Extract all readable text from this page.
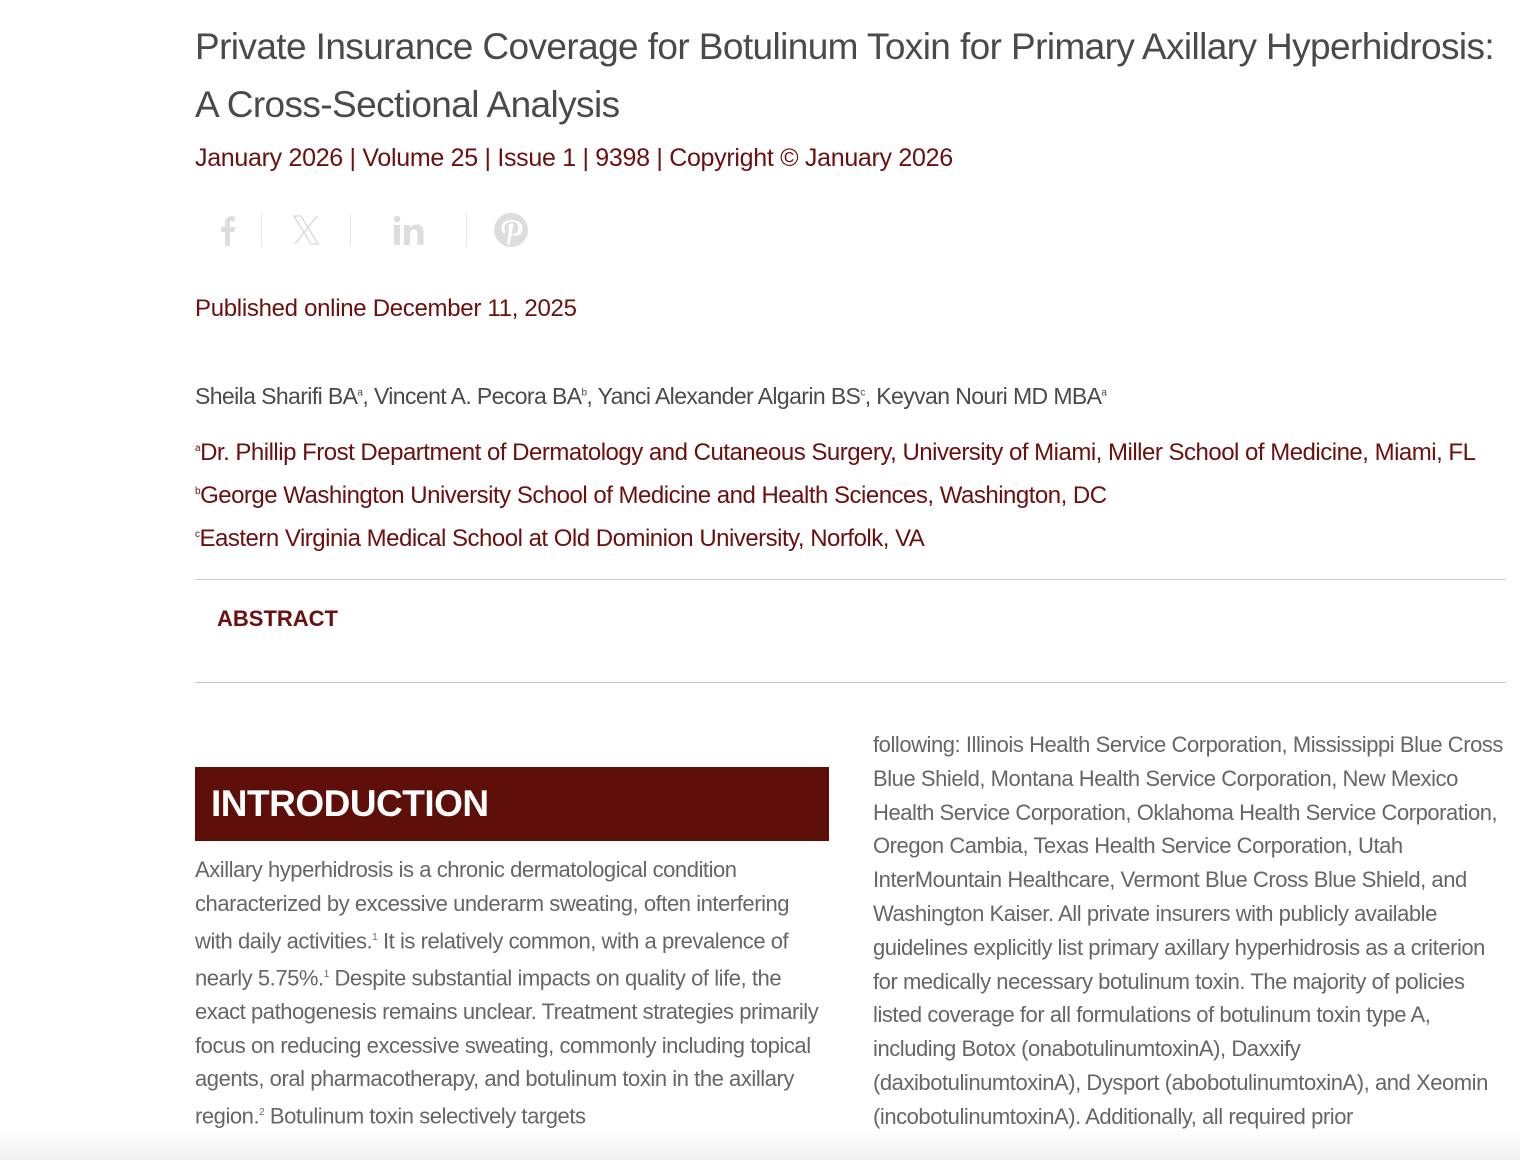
Private Insurance Coverage for Botulinum Toxin for Primary Axillary Hyperhidrosis: A Cross-Sectional Analysis
January 2026 | Volume 25 | Issue 1 | 9398 | Copyright © January 2026
Published online December 11, 2025
Sheila Sharifi $BA^a$, Vincent A. Pecora $BA^b$, Yanci Alexander Algarin $BS^c$, Keyvan Nouri MD MBA$^a$
$^a$Dr. Phillip Frost Department of Dermatology and Cutaneous Surgery, University of Miami, Miller School of Medicine, Miami, FL
$^b$George Washington University School of Medicine and Health Sciences, Washington, DC
$^c$Eastern Virginia Medical School at Old Dominion University, Norfolk, VA
ABSTRACT
INTRODUCTION
Axillary hyperhidrosis is a chronic dermatological condition characterized by excessive underarm sweating, often interfering with daily activities.$^1$ It is relatively common, with a prevalence of nearly 5.75%.$^1$ Despite substantial impacts on quality of life, the exact pathogenesis remains unclear. Treatment strategies primarily focus on reducing excessive sweating, commonly including topical agents, oral pharmacotherapy, and botulinum toxin in the axillary region.$^2$ Botulinum toxin selectively targets
following: Illinois Health Service Corporation, Mississippi Blue Cross Blue Shield, Montana Health Service Corporation, New Mexico Health Service Corporation, Oklahoma Health Service Corporation, Oregon Cambia, Texas Health Service Corporation, Utah InterMountain Healthcare, Vermont Blue Cross Blue Shield, and Washington Kaiser. All private insurers with publicly available guidelines explicitly list primary axillary hyperhidrosis as a criterion for medically necessary botulinum toxin. The majority of policies listed coverage for all formulations of botulinum toxin type A, including Botox (onabotulinumtoxinA), Daxxify (daxibotulinumtoxinA), Dysport (abobotulinumtoxinA), and Xeomin (incobotulinumtoxinA). Additionally, all required prior
